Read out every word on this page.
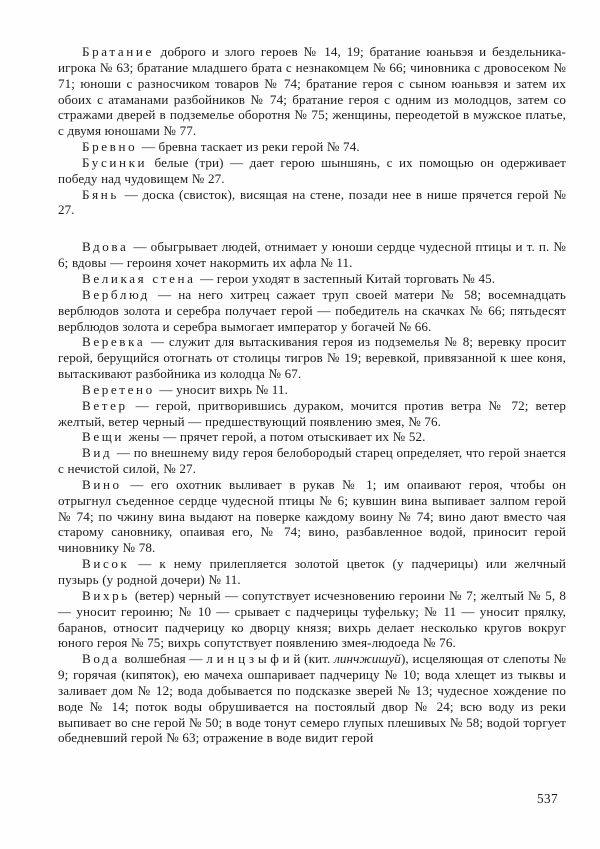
Братание доброго и злого героев № 14, 19; братание юаньвэя и бездельника-игрока № 63; братание младшего брата с незнакомцем № 66; чиновника с дровосеком № 71; юноши с разносчиком товаров № 74; братание героя с сыном юаньвэя и затем их обоих с атаманами разбойников № 74; братание героя с одним из молодцов, затем со стражами дверей в подземелье оборотня № 75; женщины, переодетой в мужское платье, с двумя юношами № 77.

Бревно — бревна таскает из реки герой № 74.

Бусинки белые (три) — дает герою шыншянь, с их помощью он одерживает победу над чудовищем № 27.

Бянь — доска (свисток), висящая на стене, позади нее в нише прячется герой № 27.

Вдова — обыгрывает людей, отнимает у юноши сердце чудесной птицы и т. п. № 6; вдовы — героиня хочет накормить их афла № 11.

Великая стена — герои уходят в застепный Китай торговать № 45.

Верблюд — на него хитрец сажает труп своей матери № 58; восемнадцать верблюдов золота и серебра получает герой — победитель на скачках № 66; пятьдесят верблюдов золота и серебра вымогает император у богачей № 66.

Веревка — служит для вытаскивания героя из подземелья № 8; веревку просит герой, берущийся отогнать от столицы тигров № 19; веревкой, привязанной к шее коня, вытаскивают разбойника из колодца № 67.

Веретено — уносит вихрь № 11.

Ветер — герой, притворившись дураком, мочится против ветра № 72; ветер желтый, ветер черный — предшествующий появлению змея, № 76.

Вещи жены — прячет герой, а потом отыскивает их № 52.

Вид — по внешнему виду героя белобородый старец определяет, что герой знается с нечистой силой, № 27.

Вино — его охотник выливает в рукав № 1; им опаивают героя, чтобы он отрыгнул съеденное сердце чудесной птицы № 6; кувшин вина выпивает залпом герой № 74; по чжину вина выдают на поверке каждому воину № 74; вино дают вместо чая старому сановнику, опаивая его, № 74; вино, разбавленное водой, приносит герой чиновнику № 78.

Висок — к нему прилепляется золотой цветок (у падчерицы) или желчный пузырь (у родной дочери) № 11.

Вихрь (ветер) черный — сопутствует исчезновению героини № 7; желтый № 5, 8 — уносит героиню; № 10 — срывает с падчерицы туфельку; № 11 — уносит прялку, баранов, относит падчерицу ко дворцу князя; вихрь делает несколько кругов вокруг юного героя № 75; вихрь сопутствует появлению змея-людоеда № 76.

Вода волшебная — л и н ц з ы ф и й (кит. линчжишуй), исцеляющая от слепоты № 9; горячая (кипяток), ею мачеха ошпаривает падчерицу № 10; вода хлещет из тыквы и заливает дом № 12; вода добывается по подсказке зверей № 13; чудесное хождение по воде № 14; поток воды обрушивается на постоялый двор № 24; всю воду из реки выпивает во сне герой № 50; в воде тонут семеро глупых плешивых № 58; водой торгует обедневший герой № 63; отражение в воде видит герой

537
